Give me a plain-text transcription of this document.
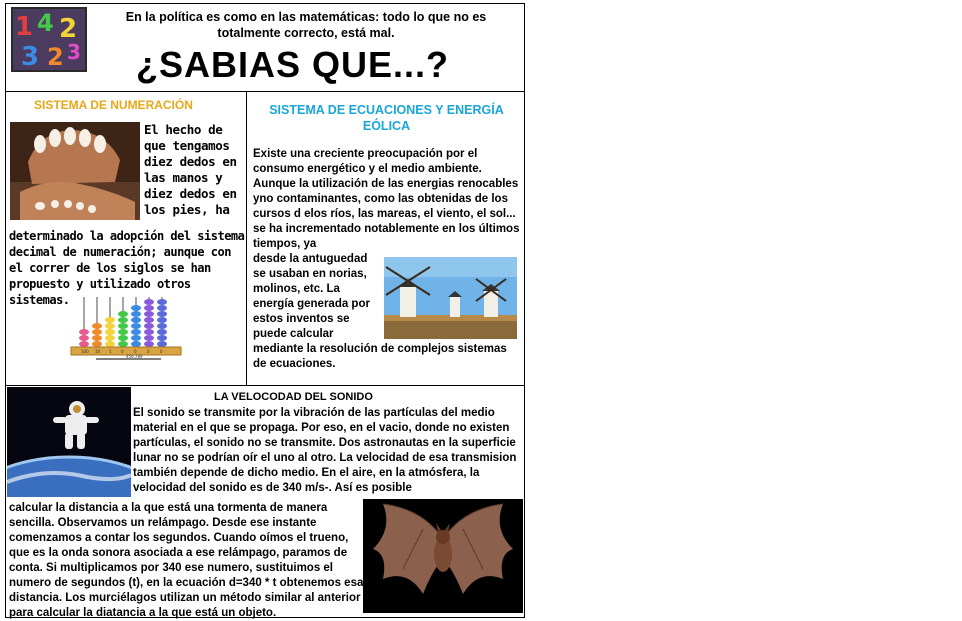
1 4 2
3 2 3
En la política es como en las matemáticas: todo lo que no es totalmente correcto, está mal.
¿SABIAS QUE...?
SISTEMA DE NUMERACIÓN
El hecho de que tengamos diez dedos en las manos y diez dedos en los pies, ha
determinado la adopción del sistema decimal de numeración; aunque con el correr de los siglos se han propuesto y utilizado otros sistemas.
100 10 1 0	0	0	0
456.789
SISTEMA DE ECUACIONES Y ENERGÍA EÓLICA
Existe una creciente preocupación por el consumo energético y el medio ambiente. Aunque la utilización de las energias renocables yno contaminantes, como las obtenidas de los cursos d elos ríos, las mareas, el viento, el sol... se ha incrementado notablemente en los últimos tiempos, ya
desde la antuguedad se usaban en norias, molinos, etc. La energía generada por estos inventos se puede calcular
mediante la resolución de complejos sistemas de ecuaciones.
LA VELOCODAD DEL SONIDO
El sonido se transmite por la vibración de las partículas del medio material en el que se propaga. Por eso, en el vacio, donde no existen partículas, el sonido no se transmite. Dos astronautas en la superficie lunar no se podrían oír el uno al otro. La velocidad de esa transmision también depende de dicho medio. En el aire, en la atmósfera, la velocidad del sonido es de 340 m/s-. Así es posible
calcular la distancia a la que está una tormenta de manera sencilla. Observamos un relámpago. Desde ese instante comenzamos a contar los segundos. Cuando oímos el trueno, que es la onda sonora asociada a ese relámpago, paramos de conta. Si multiplicamos por 340 ese numero, sustituimos el numero de segundos (t), en la ecuación d=340 * t obtenemos esa distancia. Los murciélagos utilizan un método similar al anterior para calcular la diatancia a la que está un objeto.
